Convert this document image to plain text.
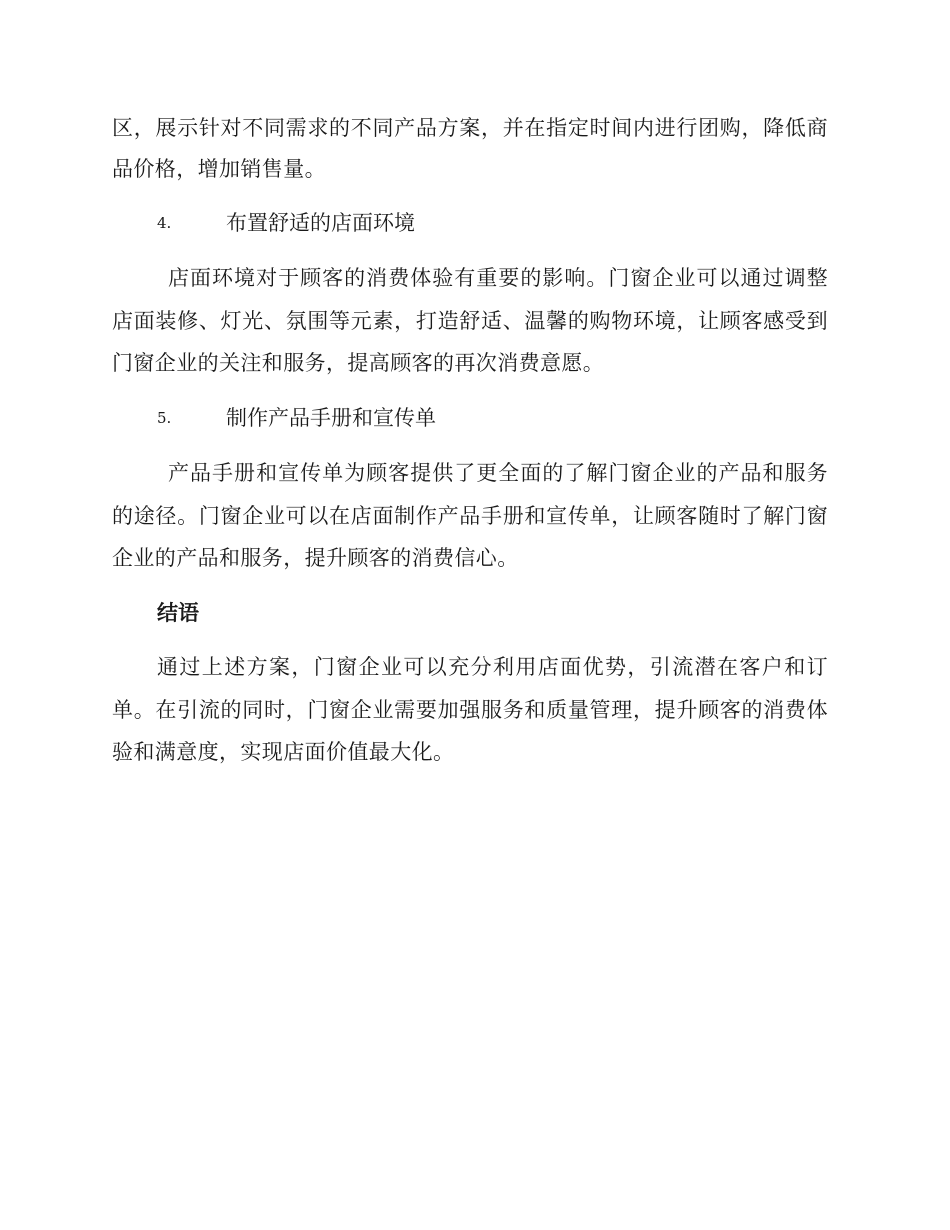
区，展示针对不同需求的不同产品方案，并在指定时间内进行团购，降低商
品价格，增加销售量。
4.	布置舒适的店面环境
店面环境对于顾客的消费体验有重要的影响。门窗企业可以通过调整
店面装修、灯光、氛围等元素，打造舒适、温馨的购物环境，让顾客感受到
门窗企业的关注和服务，提高顾客的再次消费意愿。
5.	制作产品手册和宣传单
产品手册和宣传单为顾客提供了更全面的了解门窗企业的产品和服务
的途径。门窗企业可以在店面制作产品手册和宣传单，让顾客随时了解门窗
企业的产品和服务，提升顾客的消费信心。
结语
通过上述方案，门窗企业可以充分利用店面优势，引流潜在客户和订
单。在引流的同时，门窗企业需要加强服务和质量管理，提升顾客的消费体
验和满意度，实现店面价值最大化。
